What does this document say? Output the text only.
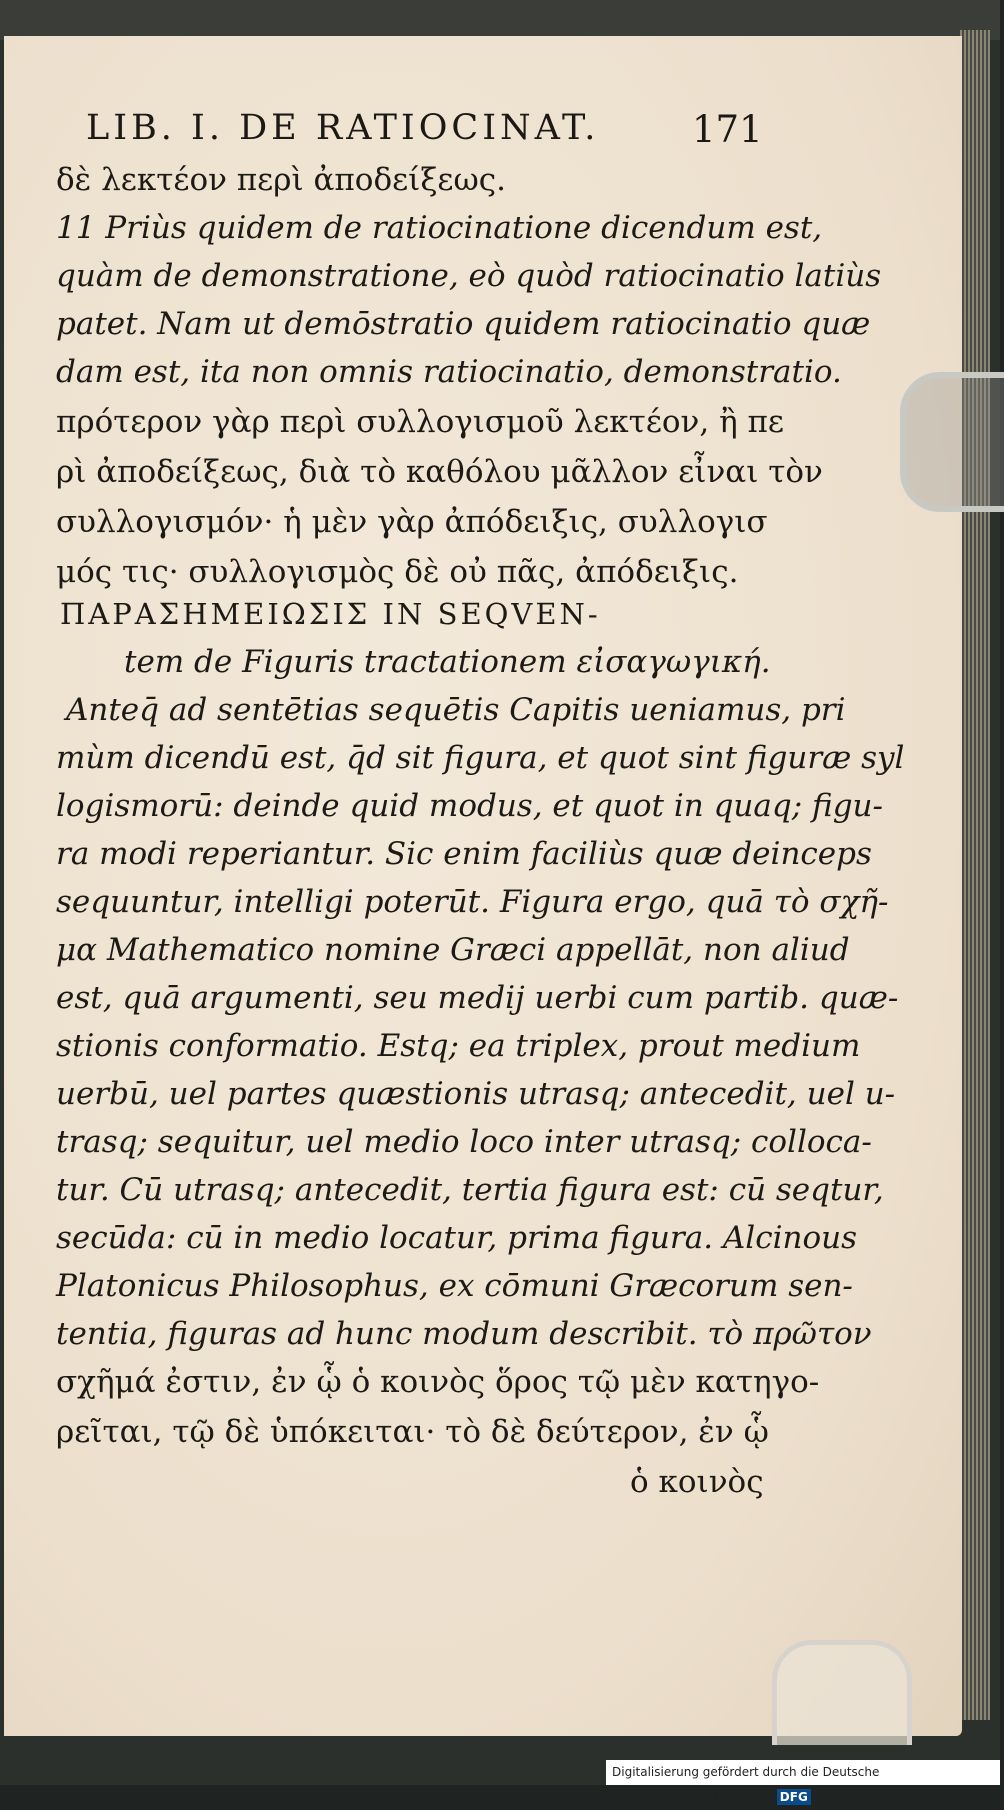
LIB. I. DE RATIOCINAT.	171
δὲ λεκτέον περὶ ἀποδείξεως.
11 Priùs quidem de ratiocinatione dicendum est,
quàm de demonstratione, eò quòd ratiocinatio latiùs
patet. Nam ut demōstratio quidem ratiocinatio quæ
dam est, ita non omnis ratiocinatio, demonstratio.
πρότερον γὰρ περὶ συλλογισμοῦ λεκτέον, ἢ πε
ρὶ ἀποδείξεως, διὰ τὸ καθόλου μᾶλλον εἶναι τὸν
συλλογισμόν· ἡ μὲν γὰρ ἀπόδειξις, συλλογισ
μός τις· συλλογισμὸς δὲ οὐ πᾶς, ἀπόδειξις.
ΠΑΡΑΣΗΜΕΙΩΣΙΣ IN SEQVEN-
tem de Figuris tractationem εἰσαγωγική.
Anteq̄ ad sentētias sequētis Capitis ueniamus, pri
mùm dicendū est, q̄d sit figura, et quot sint figuræ syl
logismorū: deinde quid modus, et quot in quaq; figu-
ra modi reperiantur. Sic enim faciliùs quæ deinceps
sequuntur, intelligi poterūt. Figura ergo, quā τὸ σχῆ-
μα Mathematico nomine Græci appellāt, non aliud
est, quā argumenti, seu medij uerbi cum partib. quæ-
stionis conformatio. Estq; ea triplex, prout medium
uerbū, uel partes quæstionis utrasq; antecedit, uel u-
trasq; sequitur, uel medio loco inter utrasq; colloca-
tur. Cū utrasq; antecedit, tertia figura est: cū seqtur,
secūda: cū in medio locatur, prima figura. Alcinous
Platonicus Philosophus, ex cōmuni Græcorum sen-
tentia, figuras ad hunc modum describit. τὸ πρῶτον
σχῆμά ἐστιν, ἐν ᾧ ὁ κοινὸς ὅρος τῷ μὲν κατηγο-
ρεῖται, τῷ δὲ ὑπόκειται· τὸ δὲ δεύτερον, ἐν ᾧ
ὁ κοινὸς
Digitalisierung gefördert durch die Deutsche Forschungsgemeinschaft - DFG
